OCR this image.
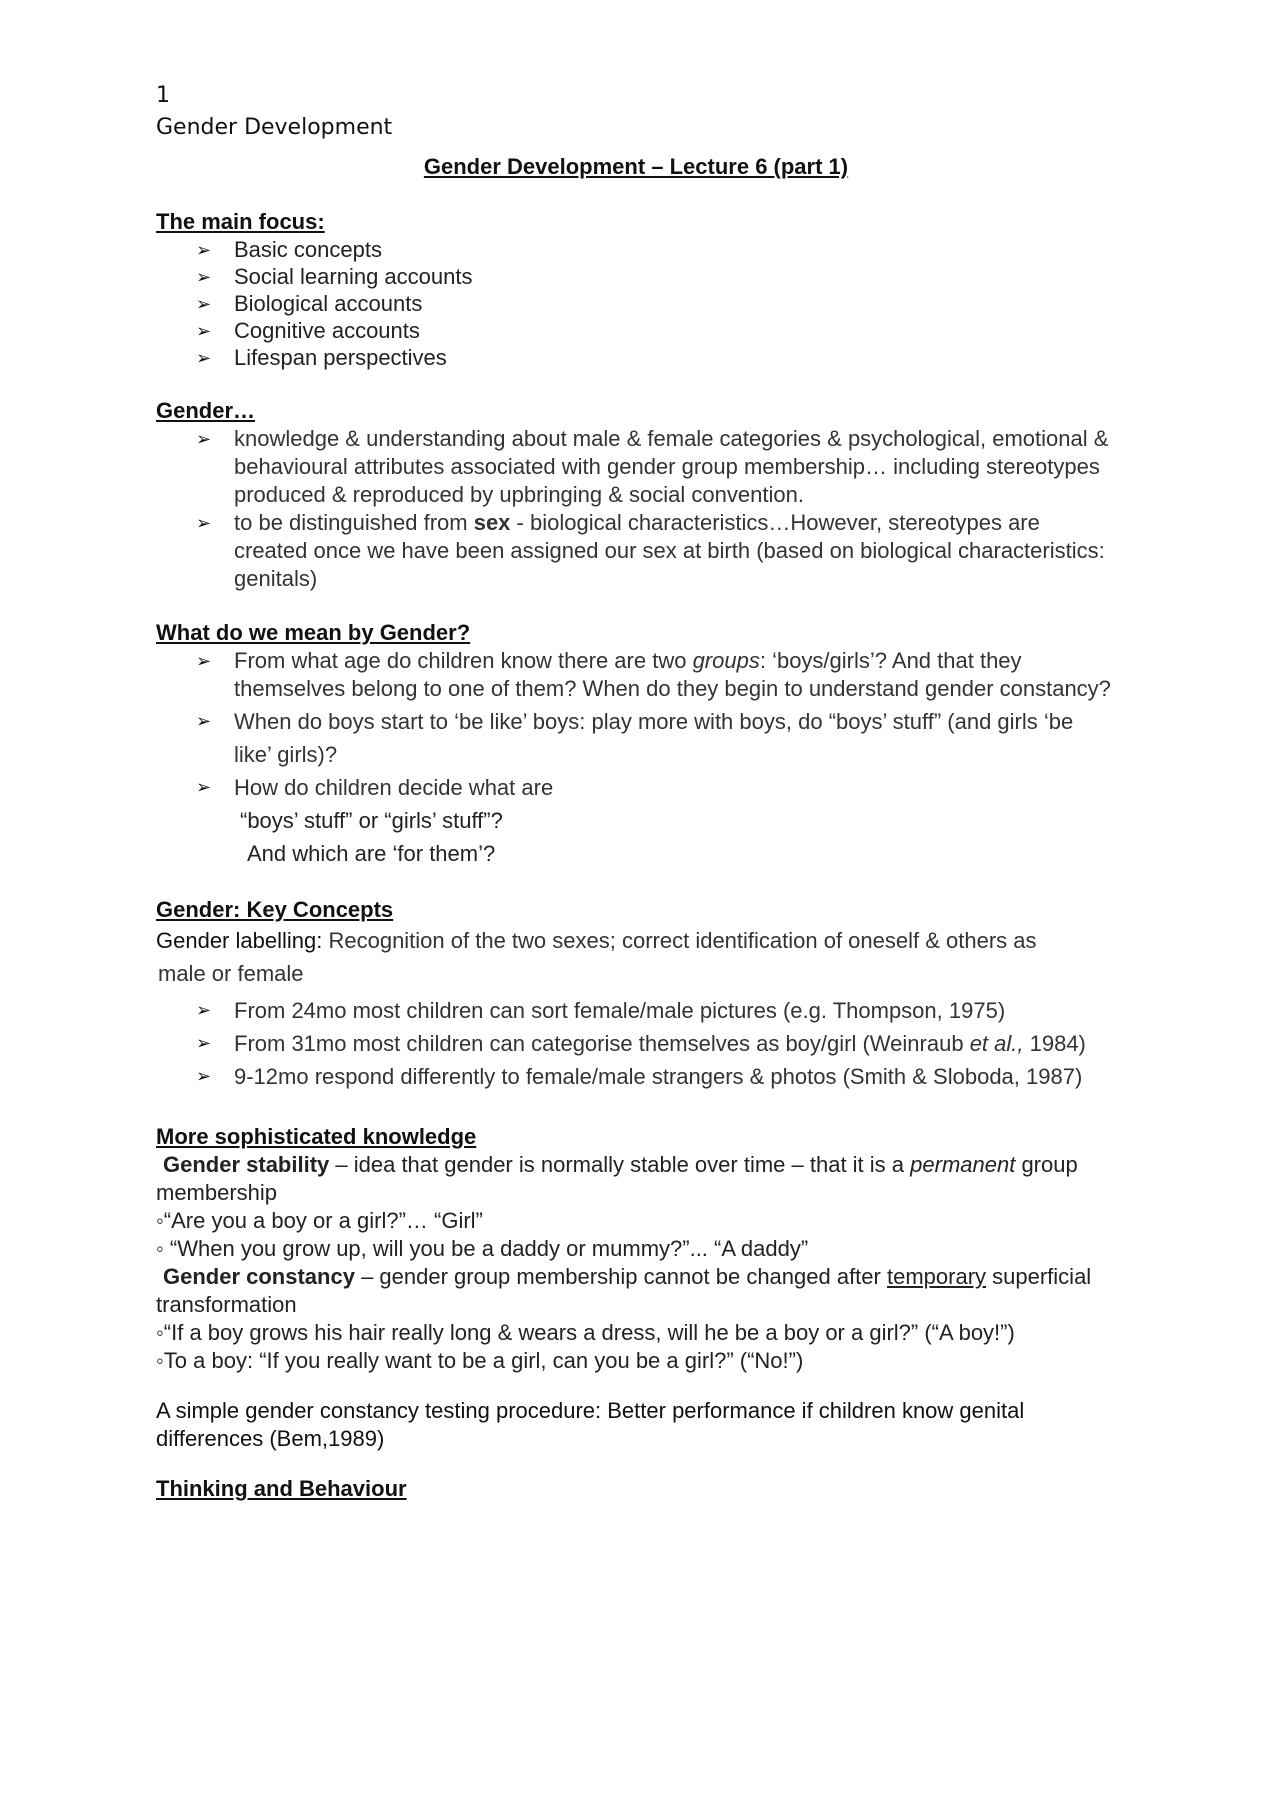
1
Gender Development
Gender Development – Lecture 6 (part 1)
The main focus:
➢ Basic concepts
➢ Social learning accounts
➢ Biological accounts
➢ Cognitive accounts
➢ Lifespan perspectives
Gender…
➢ knowledge & understanding about male & female categories & psychological, emotional & behavioural attributes associated with gender group membership… including stereotypes produced & reproduced by upbringing & social convention.
➢ to be distinguished from sex - biological characteristics…However, stereotypes are created once we have been assigned our sex at birth (based on biological characteristics: genitals)
What do we mean by Gender?
➢ From what age do children know there are two groups: ‘boys/girls’? And that they themselves belong to one of them? When do they begin to understand gender constancy?
➢ When do boys start to ‘be like’ boys: play more with boys, do “boys’ stuff” (and girls ‘be like’ girls)?
➢ How do children decide what are
“boys’ stuff” or “girls’ stuff”?
And which are ‘for them’?
Gender: Key Concepts
Gender labelling: Recognition of the two sexes; correct identification of oneself & others as
male or female
➢ From 24mo most children can sort female/male pictures (e.g. Thompson, 1975)
➢ From 31mo most children can categorise themselves as boy/girl (Weinraub et al., 1984)
➢ 9-12mo respond differently to female/male strangers & photos (Smith & Sloboda, 1987)
More sophisticated knowledge
Gender stability – idea that gender is normally stable over time – that it is a permanent group membership
◦“Are you a boy or a girl?”… “Girl”
◦ “When you grow up, will you be a daddy or mummy?”... “A daddy”
Gender constancy – gender group membership cannot be changed after temporary superficial transformation
◦“If a boy grows his hair really long & wears a dress, will he be a boy or a girl?” (“A boy!”)
◦To a boy: “If you really want to be a girl, can you be a girl?” (“No!”)
A simple gender constancy testing procedure: Better performance if children know genital differences (Bem,1989)
Thinking and Behaviour
